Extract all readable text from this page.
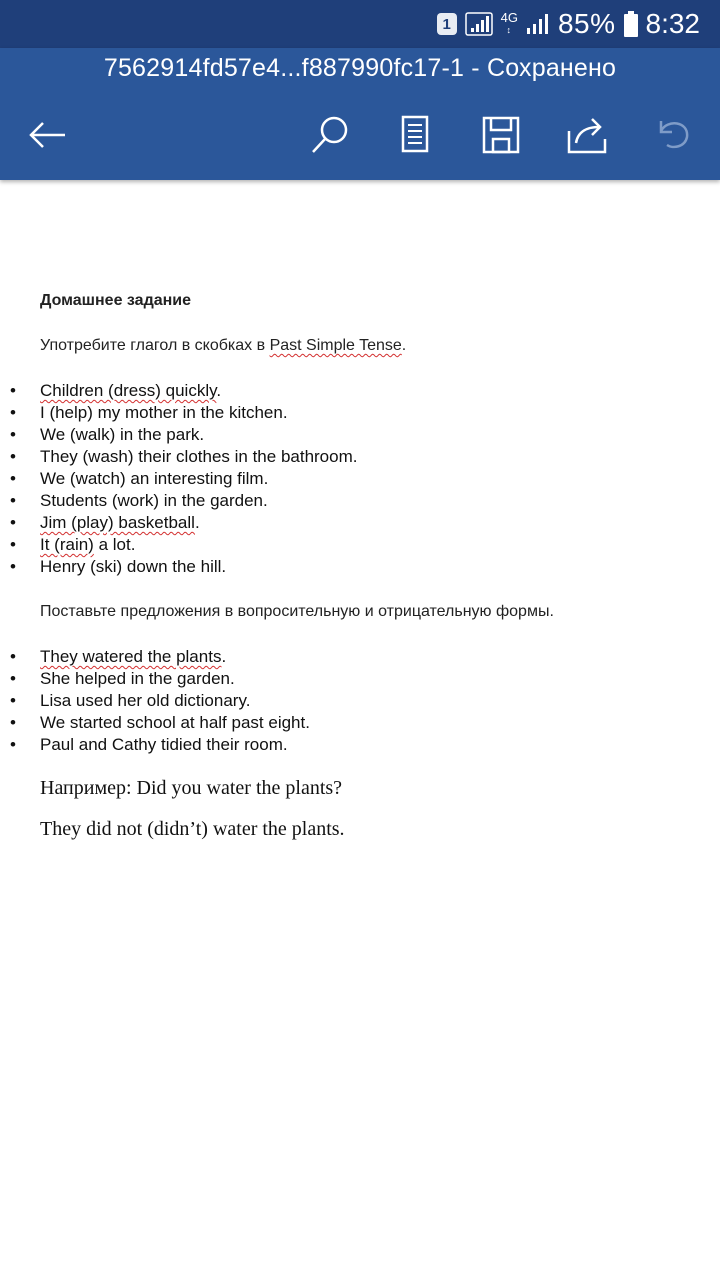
1	4G
↕ 85% 8:32
7562914fd57e4...f887990fc17-1 - Сохранено
Домашнее задание
Употребите глагол в скобках в Past Simple Tense.
• Children (dress) quickly.
• I (help) my mother in the kitchen.
• We (walk) in the park.
• They (wash) their clothes in the bathroom.
• We (watch) an interesting film.
• Students (work) in the garden.
• Jim (play) basketball.
• It (rain) a lot.
• Henry (ski) down the hill.
Поставьте предложения в вопросительную и отрицательную формы.
• They watered the plants.
• She helped in the garden.
• Lisa used her old dictionary.
• We started school at half past eight.
• Paul and Cathy tidied their room.
Например: Did you water the plants?
They did not (didn’t) water the plants.
